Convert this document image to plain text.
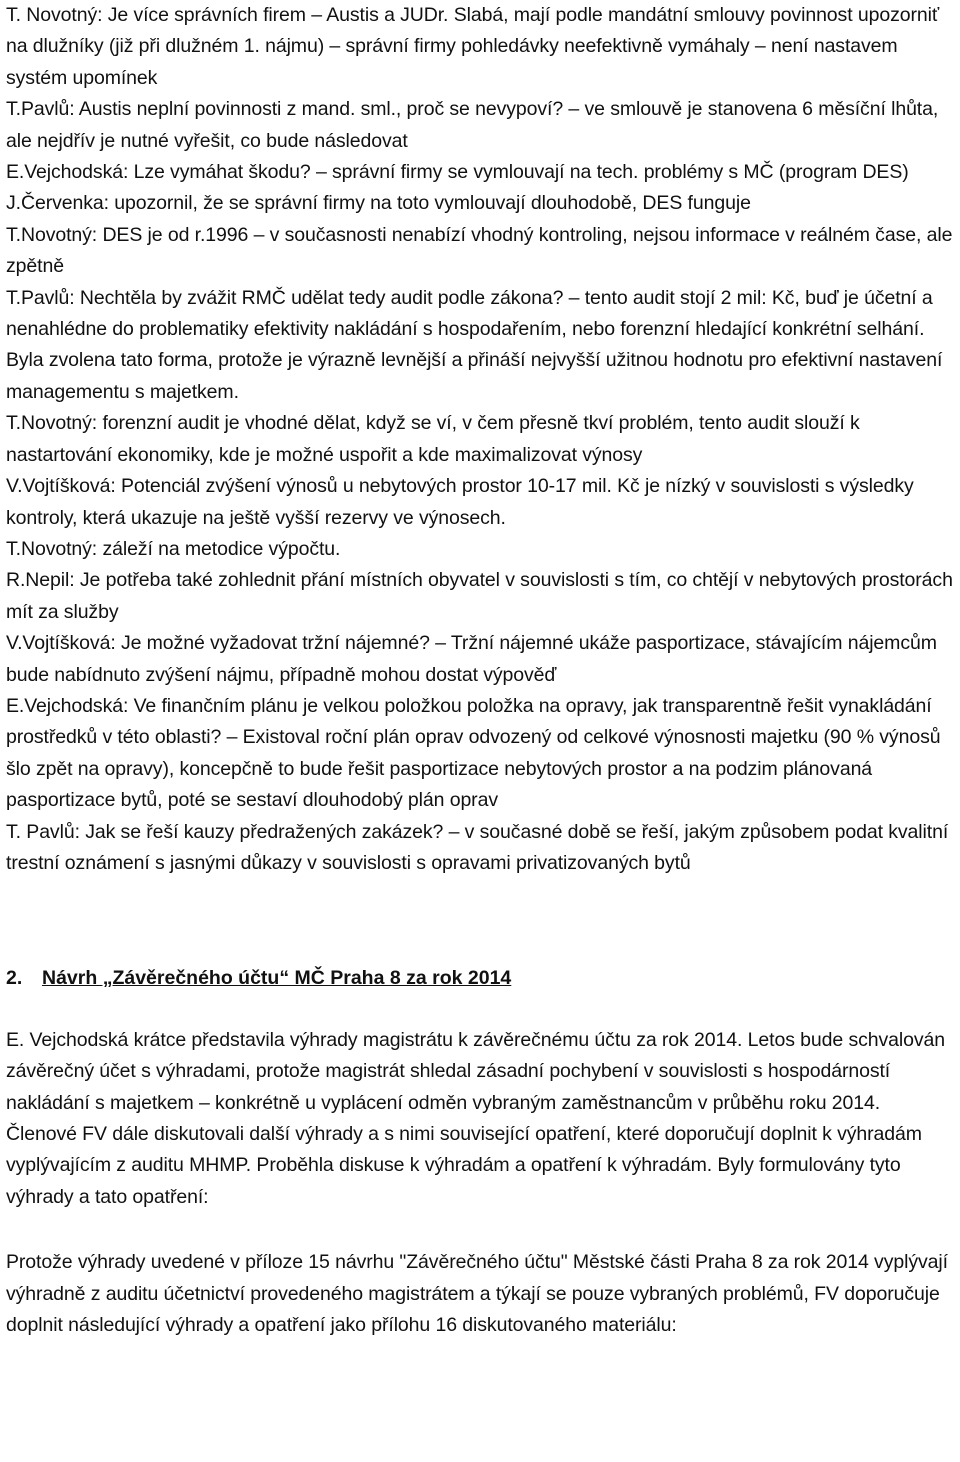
T. Novotný: Je více správních firem – Austis a JUDr. Slabá, mají podle mandátní smlouvy povinnost upozorniť na dlužníky (již při dlužném 1. nájmu) – správní firmy pohledávky neefektivně vymáhaly – není nastavem systém upomínek

T.Pavlů: Austis neplní povinnosti z mand. sml., proč se nevypoví? – ve smlouvě je stanovena 6 měsíční lhůta, ale nejdřív je nutné vyřešit, co bude následovat

E.Vejchodská: Lze vymáhat škodu? – správní firmy se vymlouvají na tech. problémy s MČ (program DES)

J.Červenka: upozornil, že se správní firmy na toto vymlouvají dlouhodobě, DES funguje

T.Novotný: DES je od r.1996 – v současnosti nenabízí vhodný kontroling, nejsou informace v reálném čase, ale zpětně

T.Pavlů: Nechtěla by zvážit RMČ udělat tedy audit podle zákona? – tento audit stojí 2 mil: Kč, buď je účetní a nenahlédne do problematiky efektivity nakládání s hospodařením, nebo forenzní hledající konkrétní selhání. Byla zvolena tato forma, protože je výrazně levnější a přináší nejvyšší užitnou hodnotu pro efektivní nastavení managementu s majetkem.

T.Novotný: forenzní audit je vhodné dělat, když se ví, v čem přesně tkví problém, tento audit slouží k nastartování ekonomiky, kde je možné uspořit a kde maximalizovat výnosy

V.Vojtíšková: Potenciál zvýšení výnosů u nebytových prostor 10-17 mil. Kč je nízký v souvislosti s výsledky kontroly, která ukazuje na ještě vyšší rezervy ve výnosech.

T.Novotný: záleží na metodice výpočtu.

R.Nepil: Je potřeba také zohlednit přání místních obyvatel v souvislosti s tím, co chtějí v nebytových prostorách mít za služby

V.Vojtíšková: Je možné vyžadovat tržní nájemné? – Tržní nájemné ukáže pasportizace, stávajícím nájemcům bude nabídnuto zvýšení nájmu, případně mohou dostat výpověď

E.Vejchodská: Ve finančním plánu je velkou položkou položka na opravy, jak transparentně řešit vynakládání prostředků v této oblasti? – Existoval roční plán oprav odvozený od celkové výnosnosti majetku (90 % výnosů šlo zpět na opravy), koncepčně to bude řešit pasportizace nebytových prostor a na podzim plánovaná pasportizace bytů, poté se sestaví dlouhodobý plán oprav

T. Pavlů: Jak se řeší kauzy předražených zakázek? – v současné době se řeší, jakým způsobem podat kvalitní trestní oznámení s jasnými důkazy v souvislosti s opravami privatizovaných bytů

2. Návrh „Závěrečného účtu“ MČ Praha 8 za rok 2014

E. Vejchodská krátce představila výhrady magistrátu k závěrečnému účtu za rok 2014. Letos bude schvalován závěrečný účet s výhradami, protože magistrát shledal zásadní pochybení v souvislosti s hospodárností nakládání s majetkem – konkrétně u vyplácení odměn vybraným zaměstnancům v průběhu roku 2014. Členové FV dále diskutovali další výhrady a s nimi související opatření, které doporučují doplnit k výhradám vyplývajícím z auditu MHMP. Proběhla diskuse k výhradám a opatření k výhradám. Byly formulovány tyto výhrady a tato opatření:

Protože výhrady uvedené v příloze 15 návrhu "Závěrečného účtu" Městské části Praha 8 za rok 2014 vyplývají výhradně z auditu účetnictví provedeného magistrátem a týkají se pouze vybraných problémů, FV doporučuje doplnit následující výhrady a opatření jako přílohu 16 diskutovaného materiálu:
